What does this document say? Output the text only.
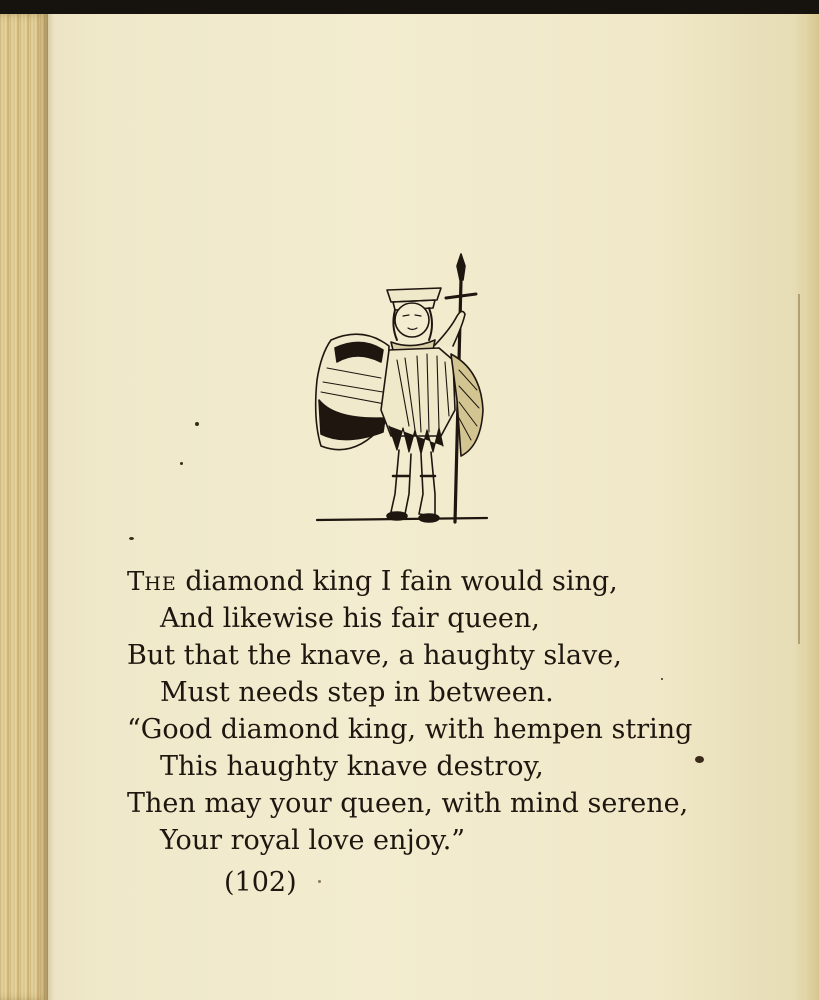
THE diamond king I fain would sing,
And likewise his fair queen,
But that the knave, a haughty slave,
Must needs step in between.
“Good diamond king, with hempen string
This haughty knave destroy,
Then may your queen, with mind serene,
Your royal love enjoy.”
(102)
